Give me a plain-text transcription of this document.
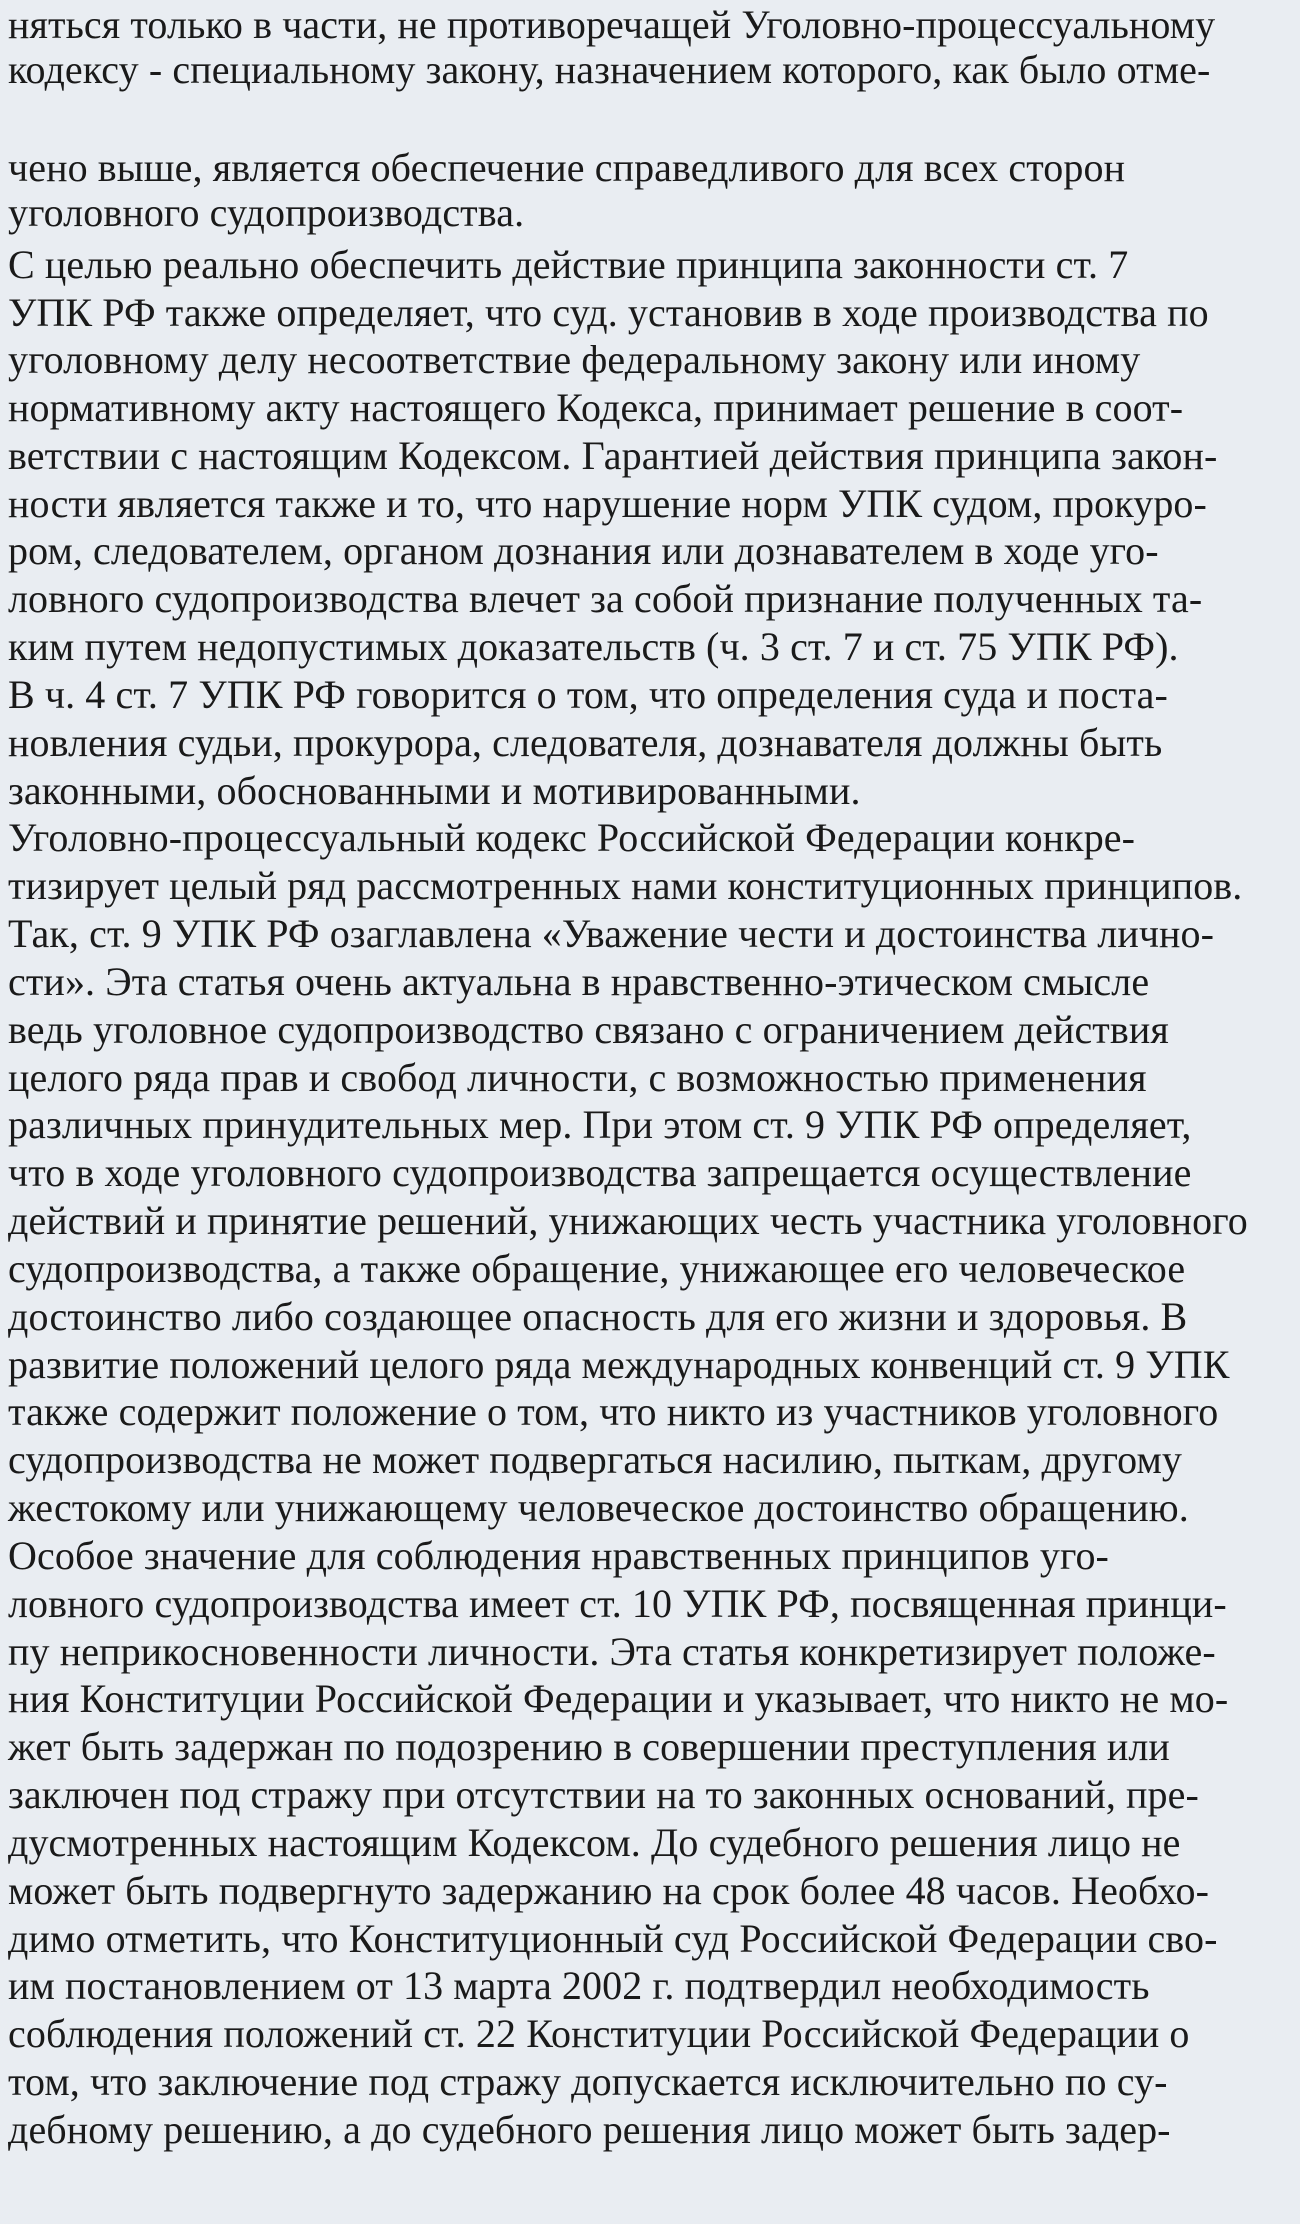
няться только в части, не противоречащей Уголовно-процессуальному
кодексу - специальному закону, назначением которого, как было отме-
чено выше, является обеспечение справедливого для всех сторон
уголовного судопроизводства.
С целью реально обеспечить действие принципа законности ст. 7
УПК РФ также определяет, что суд. установив в ходе производства по
уголовному делу несоответствие федеральному закону или иному
нормативному акту настоящего Кодекса, принимает решение в соот-
ветствии с настоящим Кодексом. Гарантией действия принципа закон-
ности является также и то, что нарушение норм УПК судом, прокуро-
ром, следователем, органом дознания или дознавателем в ходе уго-
ловного судопроизводства влечет за собой признание полученных та-
ким путем недопустимых доказательств (ч. 3 ст. 7 и ст. 75 УПК РФ).
В ч. 4 ст. 7 УПК РФ говорится о том, что определения суда и поста-
новления судьи, прокурора, следователя, дознавателя должны быть
законными, обоснованными и мотивированными.
Уголовно-процессуальный кодекс Российской Федерации конкре-
тизирует целый ряд рассмотренных нами конституционных принципов.
Так, ст. 9 УПК РФ озаглавлена «Уважение чести и достоинства лично-
сти». Эта статья очень актуальна в нравственно-этическом смысле
ведь уголовное судопроизводство связано с ограничением действия
целого ряда прав и свобод личности, с возможностью применения
различных принудительных мер. При этом ст. 9 УПК РФ определяет,
что в ходе уголовного судопроизводства запрещается осуществление
действий и принятие решений, унижающих честь участника уголовного
судопроизводства, а также обращение, унижающее его человеческое
достоинство либо создающее опасность для его жизни и здоровья. В
развитие положений целого ряда международных конвенций ст. 9 УПК
также содержит положение о том, что никто из участников уголовного
судопроизводства не может подвергаться насилию, пыткам, другому
жестокому или унижающему человеческое достоинство обращению.
Особое значение для соблюдения нравственных принципов уго-
ловного судопроизводства имеет ст. 10 УПК РФ, посвященная принци-
пу неприкосновенности личности. Эта статья конкретизирует положе-
ния Конституции Российской Федерации и указывает, что никто не мо-
жет быть задержан по подозрению в совершении преступления или
заключен под стражу при отсутствии на то законных оснований, пре-
дусмотренных настоящим Кодексом. До судебного решения лицо не
может быть подвергнуто задержанию на срок более 48 часов. Необхо-
димо отметить, что Конституционный суд Российской Федерации сво-
им постановлением от 13 марта 2002 г. подтвердил необходимость
соблюдения положений ст. 22 Конституции Российской Федерации о
том, что заключение под стражу допускается исключительно по су-
дебному решению, а до судебного решения лицо может быть задер-
